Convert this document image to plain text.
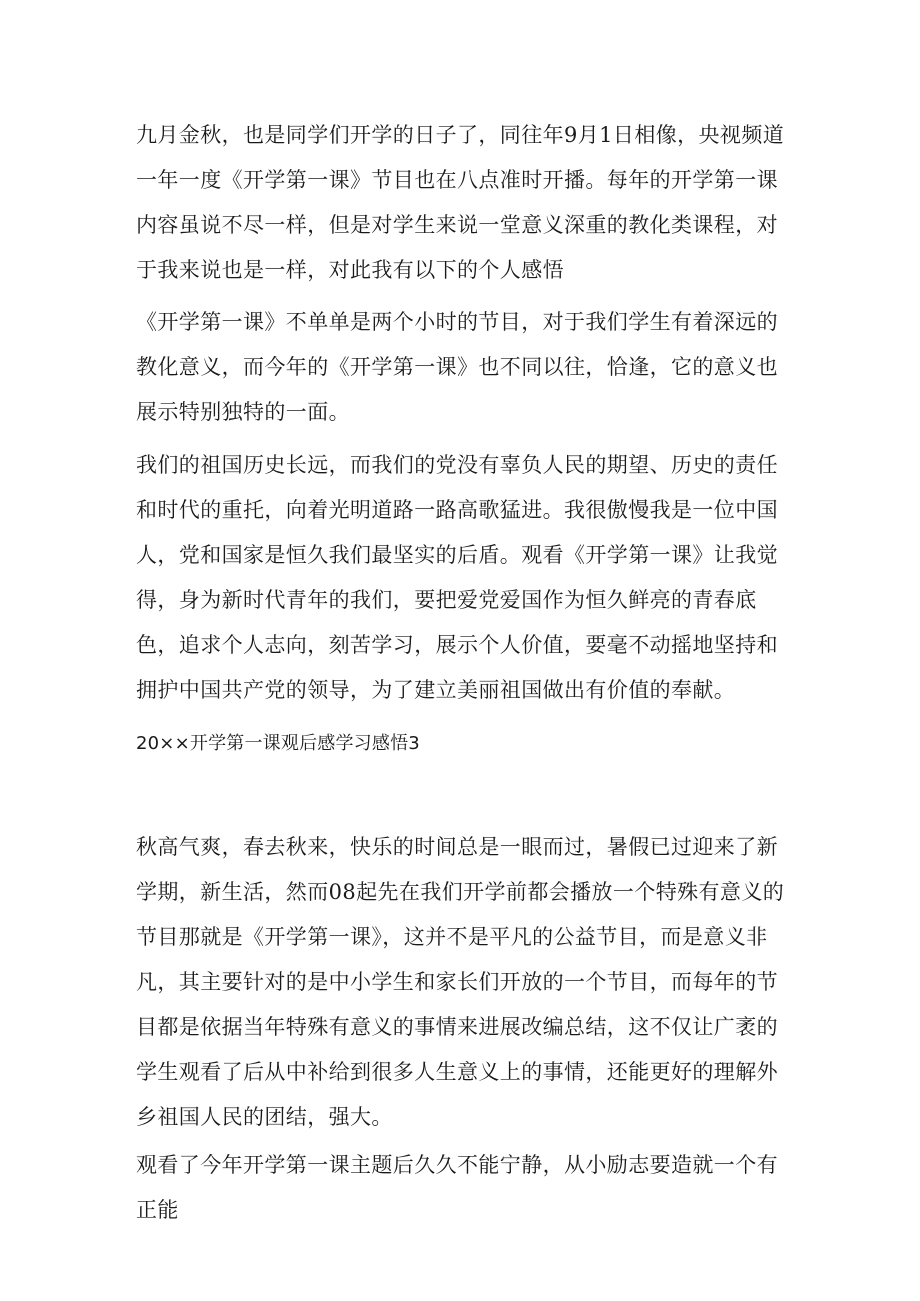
九月金秋，也是同学们开学的日子了，同往年9月1日相像，央视频道一年一度《开学第一课》节目也在八点准时开播。每年的开学第一课内容虽说不尽一样，但是对学生来说一堂意义深重的教化类课程，对于我来说也是一样，对此我有以下的个人感悟

《开学第一课》不单单是两个小时的节目，对于我们学生有着深远的教化意义，而今年的《开学第一课》也不同以往，恰逢，它的意义也展示特别独特的一面。

我们的祖国历史长远，而我们的党没有辜负人民的期望、历史的责任和时代的重托，向着光明道路一路高歌猛进。我很傲慢我是一位中国人，党和国家是恒久我们最坚实的后盾。观看《开学第一课》让我觉得，身为新时代青年的我们，要把爱党爱国作为恒久鲜亮的青春底色，追求个人志向，刻苦学习，展示个人价值，要毫不动摇地坚持和拥护中国共产党的领导，为了建立美丽祖国做出有价值的奉献。

20××开学第一课观后感学习感悟3

秋高气爽，春去秋来，快乐的时间总是一眼而过，暑假已过迎来了新学期，新生活，然而08起先在我们开学前都会播放一个特殊有意义的节目那就是《开学第一课》，这并不是平凡的公益节目，而是意义非凡，其主要针对的是中小学生和家长们开放的一个节目，而每年的节目都是依据当年特殊有意义的事情来进展改编总结，这不仅让广袤的学生观看了后从中补给到很多人生意义上的事情，还能更好的理解外乡祖国人民的团结，强大。

观看了今年开学第一课主题后久久不能宁静，从小励志要造就一个有正能
